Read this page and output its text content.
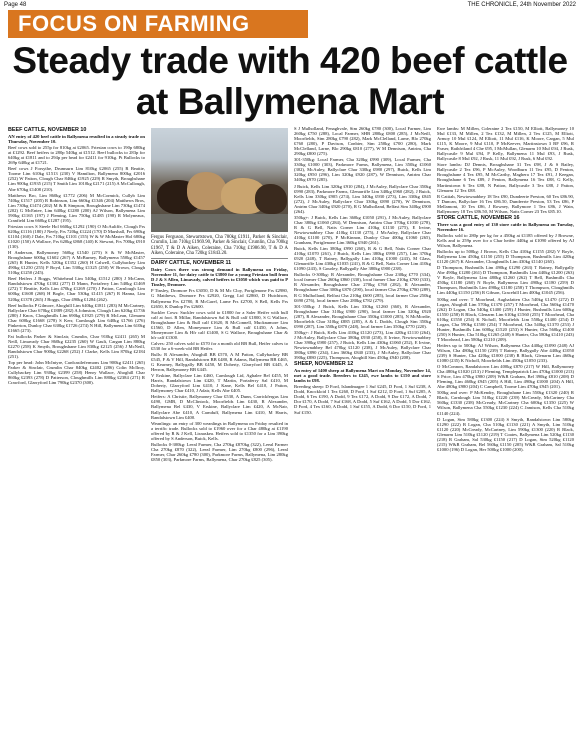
Page 48	THE CHRONICLE, 24th November 2022
FOCUS ON FARMING
Steady trade with 420 beef cattle at Ballymena Mart
BEEF CATTLE, NOVEMBER 10

AN entry of 420 beef cattle in Ballymena resulted in a steady trade on Thursday, November 10.

Beef cows sold to 255p for 810kg at £2065. Friesian cows to 190p 680kg at £1292. Beef heifers to 280p 540kg at £1512. Beef bullocks to 283p for 640kg at £1811 and to 294p per head for £2411 for 910kg. Pt Bullocks to 269p 640kg at £1721.

Beef cows J Forsythe, Drumsurn Lim 810kg £2065 (255) R Beattie, Toome Lim 610kg £1513 (230) V Hamilton, Ballymena 800kg £2016 (252) W Patton, Clough Char 846kg £1925 (229) R Smyth, Broughshane Lim 900kg £1935 (215) T Smith Lim 1010kg £2171 (215) A McCullough, Abe 670kg £1408 (210).

Matthews Bro, Lim 860kg £1772 (206) M McCormick, Cullyb Lim 740kg £1517 (205) R Robinson, Lim 660kg £1346 (204) Matthews Bros, Lim 730kg £1474 (202) M & R Simpson, Broughshane Lim 730kg £1474 (202) G McEntee, Lim 640kg £1280 (200) AJ Wilson, Ballymena Lim 590kg £1165 (197) J Fleming, Lim 750kg £1485 (198) R Molyneaux, Cranfield Lim 660kg £1287 (195).

Friesian cows S Steele Hol 660kg £1292 (190) O McAuliffe, Clough Frs 620kg £1116 (180) J Neely, Frs 720kg £1224 (170) D Marshall, Frs 690kg £1104 (160) J Dale, Frs 710kg £1101 (155) W & W McMaster Hol 680kg £1020 (150) A Wallace, Frs 620kg £868 (140) K Stewart, Frs 700kg £910 (130).

H Anderson, Ballymoney 560kg £1540 (275) S & W McMaster, Broughshane 600kg £1602 (267) A McBurney, Ballymena 550kg £1457 (265) R Hunter, Kells 520kg £1352 (260) H Calwell, Cullybackey Lim 490kg £1250 (255) P Boyd, Lim 530kg £1325 (250) W Brown, Clough 510kg £1250 (245).

Beef Heifers J Boggs, Whitehead Lim 540kg £1512 (280) J McCann, Randalstown 470kg £1302 (277) D Mann, Portaferry Lim 540kg £1469 (272) T Beattie, Kells Lim 470kg £1269 (270) J Patton, Carnlough Lim 600kg £1608 (268) H Bogle, Char 530kg £1415 (267) R Hanna, Lim 520kg £1378 (265) J Boggs, Char 490kg £1284 (262).

Beef bullocks P Gilmore, Ahoghill Lim 640kg £1811 (283) M McCartney, Ballyclare Char 670kg £1889 (282) A Johnston, Clough Lim 620kg £1736 (280) J Knox, Cloughmills Lim 690kg £1925 (279) R McLean, Glenarm Char 600kg £1668 (278) S Kerr, Carnlough Lim 640kg £1766 (276) Pinkerton, Dunloy Char 630kg £1726 (274) N Hill, Ballymena Lim 610kg £1665 (273).

Fat bullocks Parker & Sinclair, Crumlin, Char 910kg £2411 (265) M Neill, Limavady Char 860kg £2235 (260) W Gault, Cargan Lim 880kg £2270 (258) K Smyth, Broughshane Lim 830kg £2125 (256) J McNeill, Randalstown Char 900kg £2268 (252) J Clarke, Kells Lim 870kg £2184 (251).

Top per head: John McIntyre, Cardcastlefermons Lim 900kg £2411 (265) Parker & Sinclair, Crumlin Char 840kg £2402 (286) Colin McIlroy, Cullybackey Lim 930kg £2399 (258) Henry Wallace, Ahoghill Char 860kg £2393 (278) D Patterson, Cloughmills Lim 880kg £2384 (271) R Crawford, Glarryford Lim 790kg £2370 (300).

Fergus Ferguson, Stewartstown, Cha 780kg £1911, Parker & Sinclair, Crumlin, Lim 710kg £1969.90, Parker & Sinclair, Crumlin, Cha 700kg £1967, T & D A Aiken, Coleraine, Cha 710kg £1986.90, T & D A Aiken, Coleraine, Cha 720kg £1843.20.

DAIRY CATTLE, NOVEMBER 11

Dairy Cows there was strong demand in Ballymena on Friday, November 11, for dairy cattle to £3800 for a young Friesian bull from D J & S Allen, Limavady, calved heifers to £3050 which was paid to P Tinsley, Dromore.

P Tinsley, Dromore Frs £3050, D & M Mc Cloy, Portglenone Frs £2980, G Matthews, Dromore Frs £2920, Gregg Ltd £2860, D Hutchison, Ballymena Frs £2780, R McGarel, Larne Frs £2700, S Bell, Kells Frs £2650, K Dunlop Frs £2600.

Suckler Cows: Suckler cows sold to £1800 for a Saler Heifer with bull calf at foot. R Millar, Randalstown Sal & Bull calf £1800, S G Wallace, Broughshane Lim & Bull calf £1620, R McConnell, Mucknamore Lim £1560, D Allen, Moneymore Lim & Bull calf £1450, A Johns, Moneymore Lim & Hfr calf £1400, S G Wallace, Broughshane Char & hfr calf £1300.

Calves: 250 calves sold to £570 for a month old BB Bull, Heifer calves to £530 for a 6-week-old BB Heifer.

Bulls: R Alexander, Ahoghill BB £570, A M Patton, Cullybackey BB £545, F & V Hill, Randalstown BB £480, R Adams, Ballymena BB £465, G Kearney, Ballygally BB £450, M Doherty, Glarryford BB £445, A Herron, Ballymoney BB £445.

V Erskine, Ballyclare Lim £460, Carnlough Ltd, Aghalee Bel £455, M Harris, Randalstown Lim £420, T Martin, Portaferry Sal £410, M Doherty, Glarryford Lim £410, J Kane, Kells Bel £410, J Patton, Ballymoney Char £410, J Adair, Kells Abe £405.

Heifers: A Christie, Ballymoney Char £530, A Dunn, Carrickfergus Lim £490, GMB, D McClintock, Moorfields Lim £430, R Alexander, Ballymena Bel £430, V Erskine, Ballyclare Lim £420, A McNair, Ballyclare Abe £410, A Carnduff, Ballymena Lim £410, M Harris, Randalstown Lim £400.

Weanlings: an entry of 300 weanlings in Ballymena on Friday resulted in a terrific trade. Bullocks sold to £1960 over for a Char 480kg at £1190 offered by R & J Kell, Lisnaskea. Heifers sold to £1350 for a Lim 390kg offered by S Anderson, Buick, Kells.

Bullocks 0-300kg: Leeal Farmer, Cha 270kg £870kg (322), Leeal Farmer Cha 270kg £870 (322), Leeal Farmer, Lim 270kg £800 (296), Leeal Farmer, Char 260kg £780 (300), Parkmore Farms, Ballymena, Lim 280kg £850 (303), Parkmore Farms, Ballymena, Char 270kg £825 (305).

S J Mulholland, Fenaghvale, Sim 260kg £780 (300), Local Farmer, Lim 260kg £750 (288), Local Farmer, SHB 280kg £800 (285), J McNeill, Moorfields, Sim 280kg £790 (282), Mark McClelland, Larne, Blo 270kg £760 (280), P Davison, Conbier, Sim 250kg £700 (280), Mark McClelland, Larne, Blo 290kg £810 (277), W M Dennison, Antrim, Cha 290kg £800 (275).

301-350kg: Local Farmer, Cha 320kg £990 (309), Local Farmer, Cha 330kg £1000 (303), Parkmore Farms, Ballymena, Lim 350kg £1060 (302), McAuley, Ballyclare Char 330kg £980 (297), Buick, Kells Lim 320kg £950 (296), Lim 320kg £920 (287), W Dennison, Antrim Char 340kg £970 (285).

J Buick, Kells Lim 320kg £910 (284), J McAuley, Ballyclare Char 350kg £990 (283), Parkmore Farms, Glenarriffe Lim 340kg £960 (282), J Buick, Kells Lim 330kg £905 (274), Lim 340kg £930 (273), Lim 330kg £845 (272), J McAuley, Ballyclare Char 330kg £890 (270), W Dennison, Antrim Char 340kg £920 (270), R G Mulholland, Belfast Sim 340kg £900 (264).

350kg+: J Buick, Kells Lim 360kg £1050 (291), J McAuley, Ballyclare Char 380kg £1060 (284), W Dennison, Antrim Char 370kg £1030 (278), R & G Bell, Natts Corner Lim 410kg £1130 (275), E Irvine, Newtownabbey Char 410kg £1130 (275), J McAuley, Ballyclare Char 410kg £1100 (270), P McKinnon, Dunloy Char 400kg £1060 (265), Granham, Portglenone Lim 360kg £940 (261).

Buick, Kells Lim 380kg £990 (260), R & G Bell, Natts Corner Char 410kg £1070 (261), J Buick, Kells Lim 380kg £990 (257), Lim 370kg £920 (248), T Rainey, Ballygally Lim 410kg £1000 (243), M Glass, Glenarriffe Lim 430kg £1035 (241), R & G Bell, Natts Corner Lim 410kg £1090 (243), S Gourley, Ballygally Abe 380kg £900 (238).

Bullocks 0-300kg: R Alexander, Broughshane Char 230kg £770 (334), local farmer Char 260kg £860 (330), local farmer Char 210kg £700 (333), R Alexander, Broughshane Char 270kg £760 (282), R Alexander, Broughshane Char 300kg £870 (290), local farmer Cha 270kg £780 (289), R G Mulholland, Belfast Cha 210kg £600 (285), local farmer Char 250kg £690 (276), local farmer Char 280kg £782 (279).

301-350kg: J Buick, Kells Lim 330kg £1260 (360), R Alexander, Broughshane Char 310kg £900 (290), local farmer Lim 320kg £920 (287), R Alexander, Broughshane Char 350kg £1000 (285), N McMordie, Moorfields Char 310kg £885 (285), A & L Dodds, Clough Sim 350kg £990 (287), Lim 350kg £870 (248), local farmer Lim 350kg £770 (220).

350kg+: J Buick, Kells Lim 410kg £1120 (273), Lim 420kg £1110 (264), J McAuley, Ballyclare Char 380kg £930 (258), E Irvine, Newtownabbey Char 390kg £980 (257), J Buick, Kells Lim 430kg £1060 (252), E Irvine, Newtownabbey Bel 470kg £1120 (238), J McAuley, Ballyclare Char 380kg £890 (234), Lim 360kg £840 (233), J McAuley, Ballyclare Char 390kg £880 (225), Thompson, Ahoghill Sim 450kg £940 (208).

SHEEP, NOVEMBER 12

An entry of 1400 sheep at Ballymena Mart on Monday, November 14, met a good trade. Breeders to £245, ewe lambs to £150 and store lambs to £98.

Breeding sheep: D Ford, Islandmagee 1 Suf £245, D Ford, 1 Suf £238, A Dodd, Knockloid 1 Tex £260, D Ford, 1 Suf £212, D Ford, 1 Suf £205, A Dodd, 6 Tex £190, A Dodd, 9 Tex £172, A Dodd, 9 Dor £172, A Dodd, 7 Dor £170, A Dodd, 7 Suf £168, A Dodd, 5 Suf £162, A Dodd, 5 Dor £162, D Ford, 4 Tex £160, A Dodd, 1 Suf £155, A Dodd, 6 Dor £150, D Ford, 1 Suf £150.

Ewe lambs: M Millen, Coleraine 2 Tex £150, M Elliott, Ballymoney 10 Mul £133, M Millen, 2 Tex £132, M Millen, 2 Tex £125, M Elliott, Armoy 10 Mul £124, M Elliott, 11 Mul £116, K Moore, Cargan, 5 Mul £115, K Moore, 9 Mul £110, P McKeever, Martinstown 3 BF £96, R Fraser, Rathfriland 4 Che £95, I McMullan, Glenarm 10 Mul £94, J Rusk, Ballycastle 9 Mul £94, P Kelly, Ballymena 11 Mul £93, J Rusk, Ballycastle 8 Mul £92, J Rusk, 11 Mul £92, J Rusk, 6 Mul £92.

Store lambs: DJ Dennis, Broughshane 31 Tex £98, J & S Bailey, Ballycastle 2 Tex £96, P McAuley, Woodburn 11 Tex £95, D Fenton, Broughshane 4 Tex £95, M McCarthy, Maghera 17 Tex £91, J Keegan, Broughshane 6 Tex £89, J Fenton, Ballymena 16 Tex £88, G Kelly, Martinstown 6 Tex £88, N Patton, Ballycastle 3 Tex £88, J Patton, Glenarm 12 Tex £88.

R Cattiah, Newtownabbey 18 Tex £90, Dundeerie Preston, 60 Tex £86.90, T Duncan, Ballyclare 16 Tex £86.50, Dundeerie Preston, 53 Tex £86, P Mellamont, 10 Tex £86, J Rowney, Ballymore 1 Tex £86, J Wain, Ballymoney 18 Tex £86.50, M Wilson, Natts Corner 23 Tex £85.10.

STORE CATTLE, NOVEMBER 16

There was a good entry of 130 store cattle in Ballymena on Tuesday, November 16.

Bullocks sold to 280p per kg for a 450kg at £1185 offered by J Browne, Kells and to 259p over for a Char heifer 440kg at £1090 offered by AJ Wilson, Ballymena.

Bullocks up to 500kg: J Brown, Kells Cha 410kg £1155 (282) V Boyle, Ballymena Lim 450kg £1150 (255) D Thompson, Bushmills Lim 420kg £1120 (267) K Alexander, Cloughmills Lim 430kg £1140 (265).

D Thompson, Bushmills Lim 490kg £1290 (263) T Rainey, Ballygally Abe 490kg £1280 (261) D Thompson, Bushmills Lim 440kg £1200 (263) V Boyle, Ballymena Lim 480kg £1260 (262) T Bell, Bushmills Cha 450kg £1180 (260) N Boyle, Ballymena Lim 490kg £1180 (259) D Thompson, Bushmills Lim 490kg £1180 (258) T Thompson, Cloughmills Lim 440kg £1150 (256) R Gibson, Gracehill Lim 400kg £1045 (256).

500kg and over: T Moorhead, Aughafatten Cha 540kg £1470 (272) D Logan, Ahoghill Lim 570kg £1370 (257) T Moorhead, Cha 560kg £1470 (262) D Logan, Cha 540kg £1400 (259) J Hunter, Bushmills Lim 600kg £1550 (258) R Black, Glenarm Lim 610kg £1560 (255) T Moorhead, Cha 610kg £1550 (254) K Nicholl, Moorfields Lim 550kg £1400 (254) D Logan, Cha 590kg £1500 (254) T Moorhead, Cha 540kg £1370 (253) J Hunter, Bushmills Lim 600kg £1520 (253) S Hunter, Cha 560kg £1400 (250) S Hunter, Cha 510kg £1265 (248) S Hunter, Cha 580kg £1410 (243) T Moorhead, Lim 580kg £1210 (209).

Heifers up to 500kg: AJ Wilson, Ballymena Cha 440kg £1090 (248) AJ Wilson, Cha 480kg £1150 (239) T Rainey, Ballygally Abe 440kg £1050 (239) S Hunter, Cha 420kg £1000 (238) R Black, Glenarm Lim 460kg £1080 (235) K Nicholl, Moorfields Lim 450kg £1050 (233).

O McConnon, Randalstown Lim 400kg £870 (217) W Hill, Ballymoney Cha 480kg £1020 (213) J Fleming, Templepatrick Lim 470kg £1000 (213) S Price, Lim 470kg £980 (209) W&R Graham, Bel 390kg £810 (208) D Fleming, Lim 460kg £945 (205) A Hill, Lim 490kg £1000 (204) A Hill, Abe 480kg £980 (204) C Campbell, Toome Lim 470kg £945 (201).

500kg and over: P McKendry, Broughshane Lim 550kg £1320 (240) R Black, Carnlough Lim 510kg £1220 (239) McCready, McCartney Cha 560kg £1330 (238) McCready, McCartney Cha 600kg £1350 (225) W Wilson, Ballymena Cha 550kg £1230 (224) C Jamison, Kells Cha 510kg £1140 (224).

D Logan, Sim 580kg £1300 (224) S Smyth, Randalstown Lim 580kg £1290 (222) B Logan, Cha 510kg £1130 (221) A Smyth, Lim 510kg £1120 (220) McCready, McCartney, Lim 590kg £1300 (220) R Black, Glenarm Lim 510kg £1120 (219) T Coates, Ballymena Lim 520kg £1130 (218) R Graham, Sal 530kg £1150 (217) D Logan, Sim 520kg £1120 (215) W&R Graham, Bel 560kg £1150 (205) W&R Graham, Sal 510kg £1000 (196) D Logan, Her 500kg £1000 (200).
